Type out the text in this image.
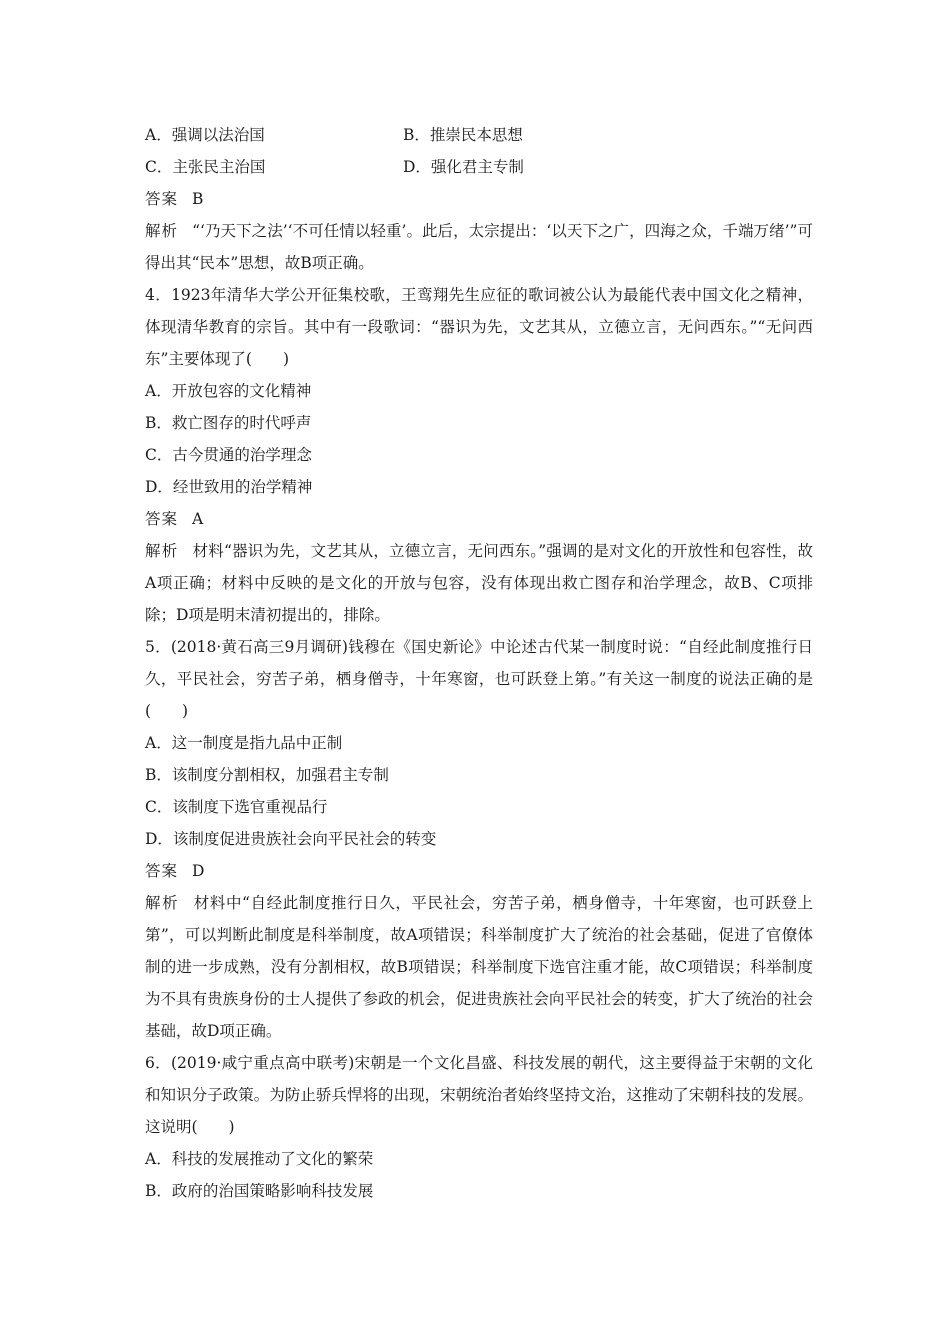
A．强调以法治国	B．推崇民本思想
C．主张民主治国	D．强化君主专制
答案 B
解析 “‘乃天下之法’‘不可任情以轻重’。此后，太宗提出：‘以天下之广，四海之众，千端万绪’”可得出其“民本”思想，故B项正确。
4．1923年清华大学公开征集校歌，王鸾翔先生应征的歌词被公认为最能代表中国文化之精神，体现清华教育的宗旨。其中有一段歌词：“器识为先，文艺其从，立德立言，无问西东。”“无问西东”主要体现了(　　)
A．开放包容的文化精神
B．救亡图存的时代呼声
C．古今贯通的治学理念
D．经世致用的治学精神
答案 A
解析 材料“器识为先，文艺其从，立德立言，无问西东。”强调的是对文化的开放性和包容性，故A项正确；材料中反映的是文化的开放与包容，没有体现出救亡图存和治学理念，故B、C项排除；D项是明末清初提出的，排除。
5．(2018·黄石高三9月调研)钱穆在《国史新论》中论述古代某一制度时说：“自经此制度推行日久，平民社会，穷苦子弟，栖身僧寺，十年寒窗，也可跃登上第。”有关这一制度的说法正确的是(　　)
A．这一制度是指九品中正制
B．该制度分割相权，加强君主专制
C．该制度下选官重视品行
D．该制度促进贵族社会向平民社会的转变
答案 D
解析 材料中“自经此制度推行日久，平民社会，穷苦子弟，栖身僧寺，十年寒窗，也可跃登上第”，可以判断此制度是科举制度，故A项错误；科举制度扩大了统治的社会基础，促进了官僚体制的进一步成熟，没有分割相权，故B项错误；科举制度下选官注重才能，故C项错误；科举制度为不具有贵族身份的士人提供了参政的机会，促进贵族社会向平民社会的转变，扩大了统治的社会基础，故D项正确。
6．(2019·咸宁重点高中联考)宋朝是一个文化昌盛、科技发展的朝代，这主要得益于宋朝的文化和知识分子政策。为防止骄兵悍将的出现，宋朝统治者始终坚持文治，这推动了宋朝科技的发展。这说明(　　)
A．科技的发展推动了文化的繁荣
B．政府的治国策略影响科技发展
